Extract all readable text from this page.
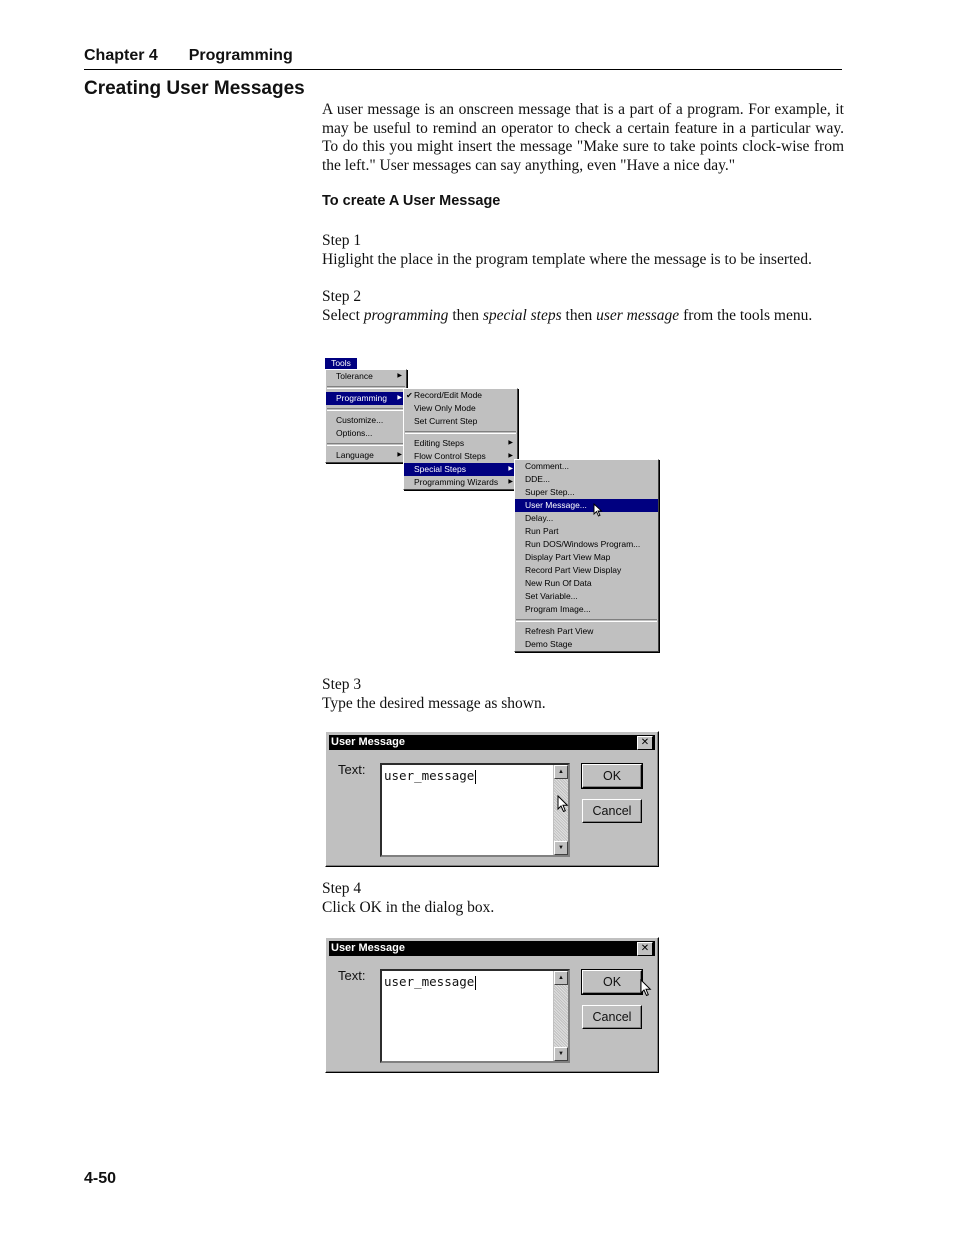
Chapter 4 Programming
Creating User Messages
A user message is an onscreen message that is a part of a program. For example, it may be useful to remind an operator to check a certain feature in a particular way. To do this you might insert the message "Make sure to take points clock-wise from the left." User messages can say anything, even "Have a nice day."
To create A User Message
Step 1
Higlight the place in the program template where the message is to be inserted.
Step 2
Select programming then special steps then user message from the tools menu.
Tools
Tolerance	▶
Programming ▶
Customize...
Options...
Language	▶
✔ Record/Edit Mode
View Only Mode
Set Current Step
Editing Steps	▶
Flow Control Steps	▶
Special Steps	▶
Programming Wizards ▶
Comment...
DDE...
Super Step...
User Message...
Delay...
Run Part
Run DOS/Windows Program...
Display Part View Map
Record Part View Display
New Run Of Data
Set Variable...
Program Image...
Refresh Part View
Demo Stage
Step 3
Type the desired message as shown.
User Message	✕
Text: user_message	▲
▼
OK
Cancel
Step 4
Click OK in the dialog box.
User Message	✕
Text: user_message	▲
▼
OK
Cancel
4-50
